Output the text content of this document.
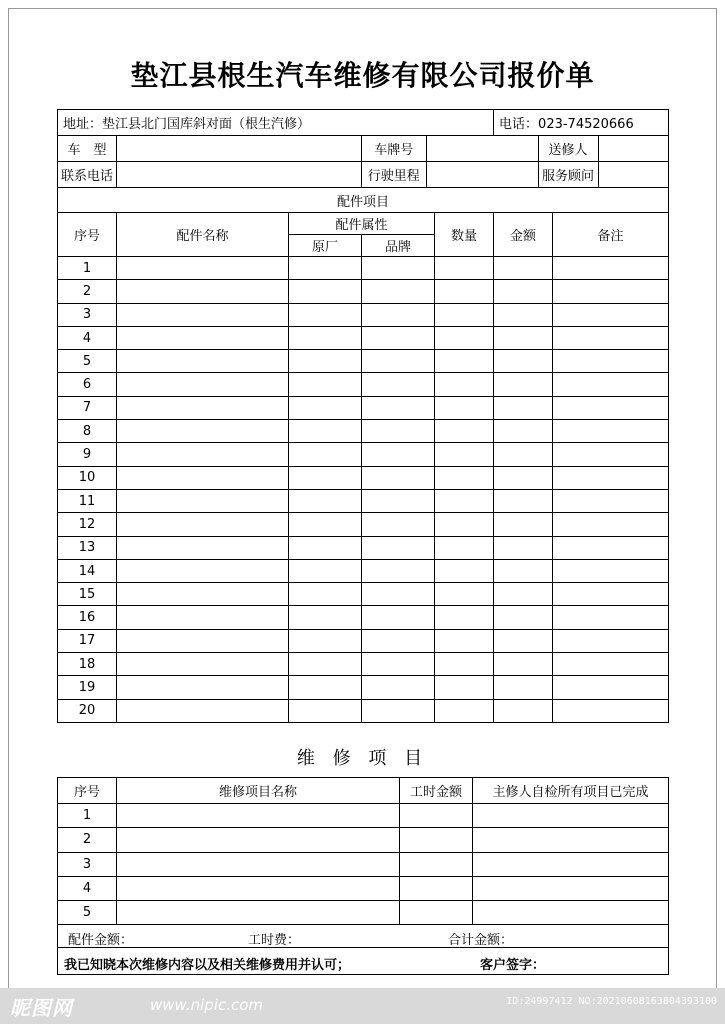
垫江县根生汽车维修有限公司报价单
地址：垫江县北门国库斜对面（根生汽修）	电话：023-74520666
车　型			车牌号		送修人	

联系电话			行驶里程		服务顾问	

配件项目
序号	配件名称	配件属性	数量	金额	备注
原厂	品牌
1						
2						
3						
4						
5						
6						
7						
8						
9						
10						
11						
12						
13						
14						
15						
16						
17						
18						
19						
20						
维 修 项 目
序号	维修项目名称	工时金额	主修人自检所有项目已完成
1			
2			
3			
4			
5			

配件金额： 工时费： 合计金额：			

我已知晓本次维修内容以及相关维修费用并认可； 客户签字：			
昵图网	www.nipic.com	ID:24997412 NO:20210608163804393100
